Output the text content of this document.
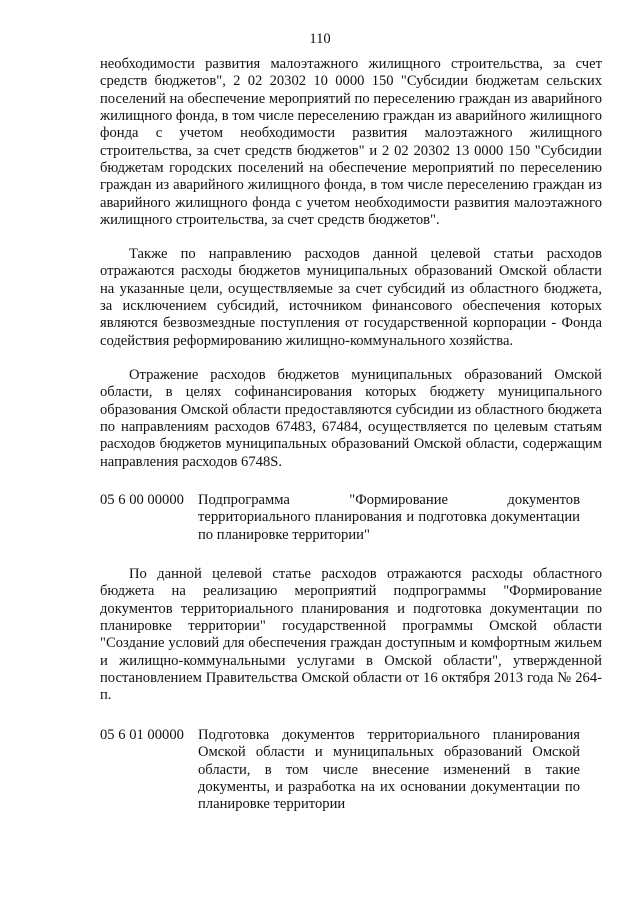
110

необходимости развития малоэтажного жилищного строительства, за счет средств бюджетов", 2 02 20302 10 0000 150 "Субсидии бюджетам сельских поселений на обеспечение мероприятий по переселению граждан из аварийного жилищного фонда, в том числе переселению граждан из аварийного жилищного фонда с учетом необходимости развития малоэтажного жилищного строительства, за счет средств бюджетов" и 2 02 20302 13 0000 150 "Субсидии бюджетам городских поселений на обеспечение мероприятий по переселению граждан из аварийного жилищного фонда, в том числе переселению граждан из аварийного жилищного фонда с учетом необходимости развития малоэтажного жилищного строительства, за счет средств бюджетов".

Также по направлению расходов данной целевой статьи расходов отражаются расходы бюджетов муниципальных образований Омской области на указанные цели, осуществляемые за счет субсидий из областного бюджета, за исключением субсидий, источником финансового обеспечения которых являются безвозмездные поступления от государственной корпорации - Фонда содействия реформированию жилищно-коммунального хозяйства.

Отражение расходов бюджетов муниципальных образований Омской области, в целях софинансирования которых бюджету муниципального образования Омской области предоставляются субсидии из областного бюджета по направлениям расходов 67483, 67484, осуществляется по целевым статьям расходов бюджетов муниципальных образований Омской области, содержащим направления расходов 6748S.

05 6 00 00000 Подпрограмма "Формирование документов территориального планирования и подготовка документации по планировке территории"

По данной целевой статье расходов отражаются расходы областного бюджета на реализацию мероприятий подпрограммы "Формирование документов территориального планирования и подготовка документации по планировке территории" государственной программы Омской области "Создание условий для обеспечения граждан доступным и комфортным жильем и жилищно-коммунальными услугами в Омской области", утвержденной постановлением Правительства Омской области от 16 октября 2013 года № 264-п.

05 6 01 00000 Подготовка документов территориального планирования Омской области и муниципальных образований Омской области, в том числе внесение изменений в такие документы, и разработка на их основании документации по планировке территории
